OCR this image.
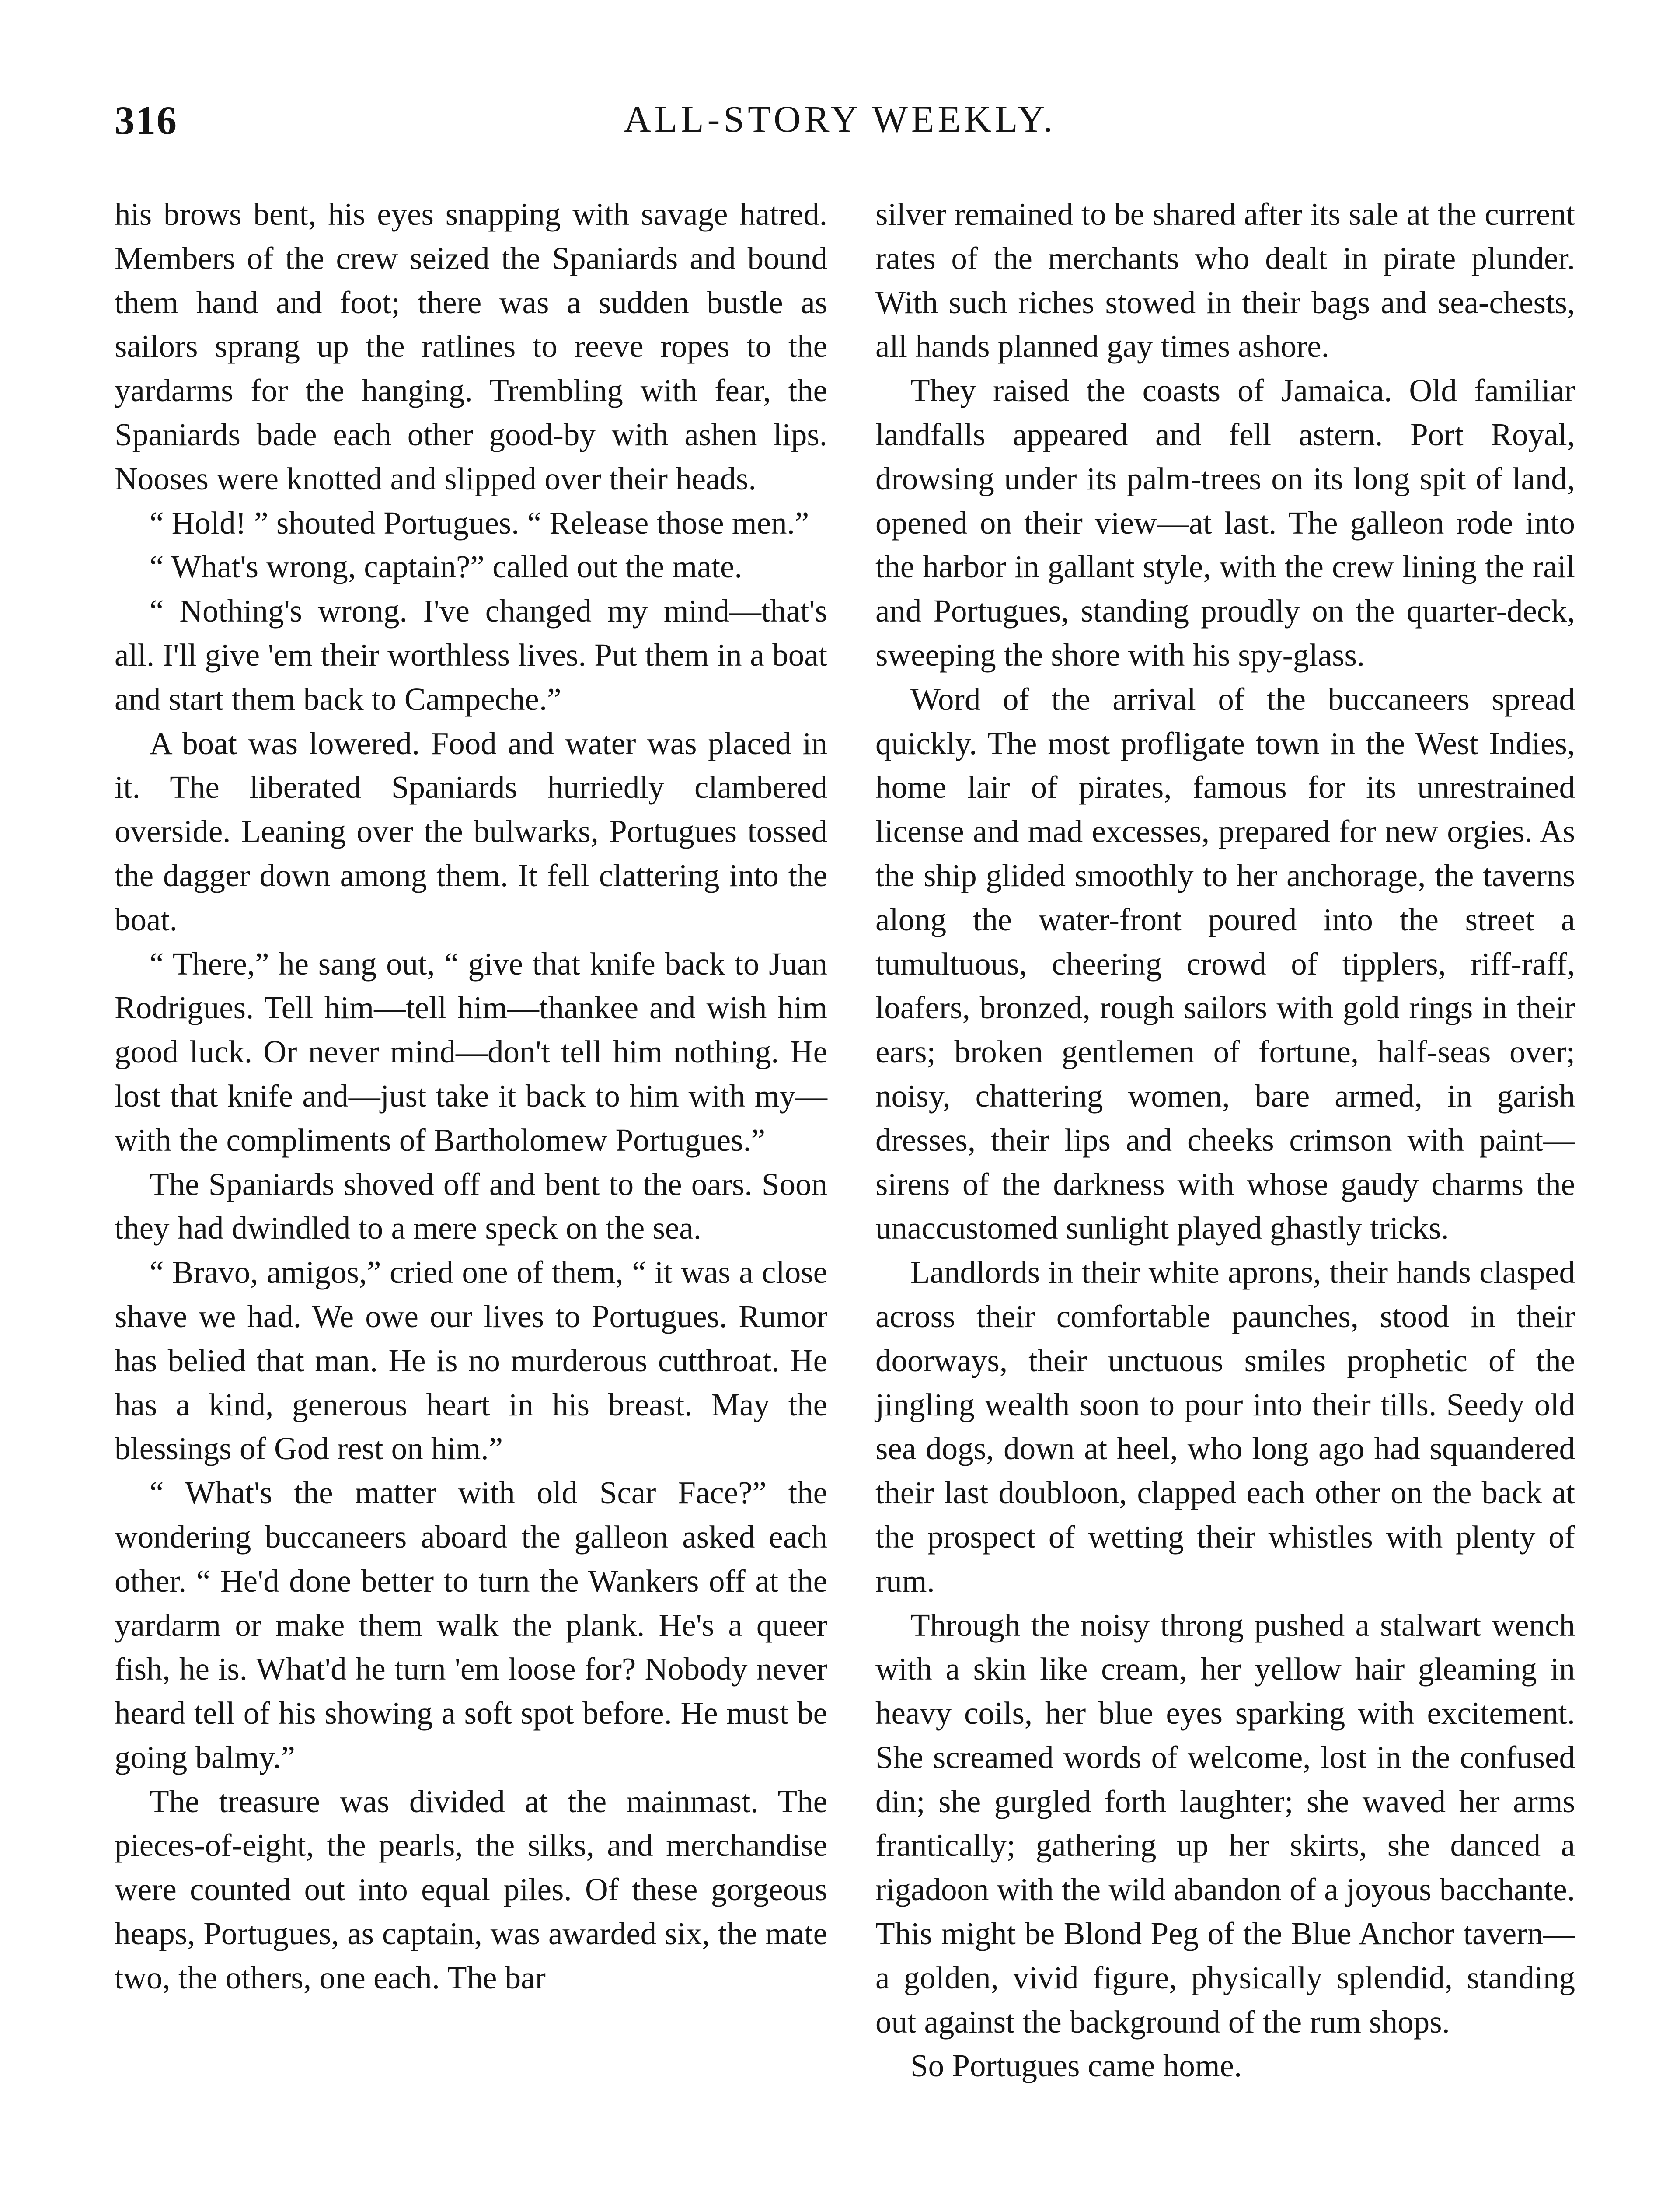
316	ALL-STORY WEEKLY.

his brows bent, his eyes snapping with savage hatred. Members of the crew seized the Spaniards and bound them hand and foot; there was a sudden bustle as sailors sprang up the ratlines to reeve ropes to the yardarms for the hanging. Trembling with fear, the Spaniards bade each other good-by with ashen lips. Nooses were knotted and slipped over their heads.

“ Hold! ” shouted Portugues. “ Release those men.”

“ What's wrong, captain?” called out the mate.

“ Nothing's wrong. I've changed my mind—that's all. I'll give 'em their worthless lives. Put them in a boat and start them back to Campeche.”

A boat was lowered. Food and water was placed in it. The liberated Spaniards hurriedly clambered overside. Leaning over the bulwarks, Portugues tossed the dagger down among them. It fell clattering into the boat.

“ There,” he sang out, “ give that knife back to Juan Rodrigues. Tell him—tell him—thankee and wish him good luck. Or never mind—don't tell him nothing. He lost that knife and—just take it back to him with my—with the compliments of Bartholomew Portugues.”

The Spaniards shoved off and bent to the oars. Soon they had dwindled to a mere speck on the sea.

“ Bravo, amigos,” cried one of them, “ it was a close shave we had. We owe our lives to Portugues. Rumor has belied that man. He is no murderous cutthroat. He has a kind, generous heart in his breast. May the blessings of God rest on him.”

“ What's the matter with old Scar Face?” the wondering buccaneers aboard the galleon asked each other. “ He'd done better to turn the Wankers off at the yardarm or make them walk the plank. He's a queer fish, he is. What'd he turn 'em loose for? Nobody never heard tell of his showing a soft spot before. He must be going balmy.”

The treasure was divided at the mainmast. The pieces-of-eight, the pearls, the silks, and merchandise were counted out into equal piles. Of these gorgeous heaps, Portugues, as captain, was awarded six, the mate two, the others, one each. The bar

silver remained to be shared after its sale at the current rates of the merchants who dealt in pirate plunder. With such riches stowed in their bags and sea-chests, all hands planned gay times ashore.

They raised the coasts of Jamaica. Old familiar landfalls appeared and fell astern. Port Royal, drowsing under its palm-trees on its long spit of land, opened on their view—at last. The galleon rode into the harbor in gallant style, with the crew lining the rail and Portugues, standing proudly on the quarter-deck, sweeping the shore with his spy-glass.

Word of the arrival of the buccaneers spread quickly. The most profligate town in the West Indies, home lair of pirates, famous for its unrestrained license and mad excesses, prepared for new orgies. As the ship glided smoothly to her anchorage, the taverns along the water-front poured into the street a tumultuous, cheering crowd of tipplers, riff-raff, loafers, bronzed, rough sailors with gold rings in their ears; broken gentlemen of fortune, half-seas over; noisy, chattering women, bare armed, in garish dresses, their lips and cheeks crimson with paint—sirens of the darkness with whose gaudy charms the unaccustomed sunlight played ghastly tricks.

Landlords in their white aprons, their hands clasped across their comfortable paunches, stood in their doorways, their unctuous smiles prophetic of the jingling wealth soon to pour into their tills. Seedy old sea dogs, down at heel, who long ago had squandered their last doubloon, clapped each other on the back at the prospect of wetting their whistles with plenty of rum.

Through the noisy throng pushed a stalwart wench with a skin like cream, her yellow hair gleaming in heavy coils, her blue eyes sparking with excitement. She screamed words of welcome, lost in the confused din; she gurgled forth laughter; she waved her arms frantically; gathering up her skirts, she danced a rigadoon with the wild abandon of a joyous bacchante. This might be Blond Peg of the Blue Anchor tavern—a golden, vivid figure, physically splendid, standing out against the background of the rum shops.

So Portugues came home.
